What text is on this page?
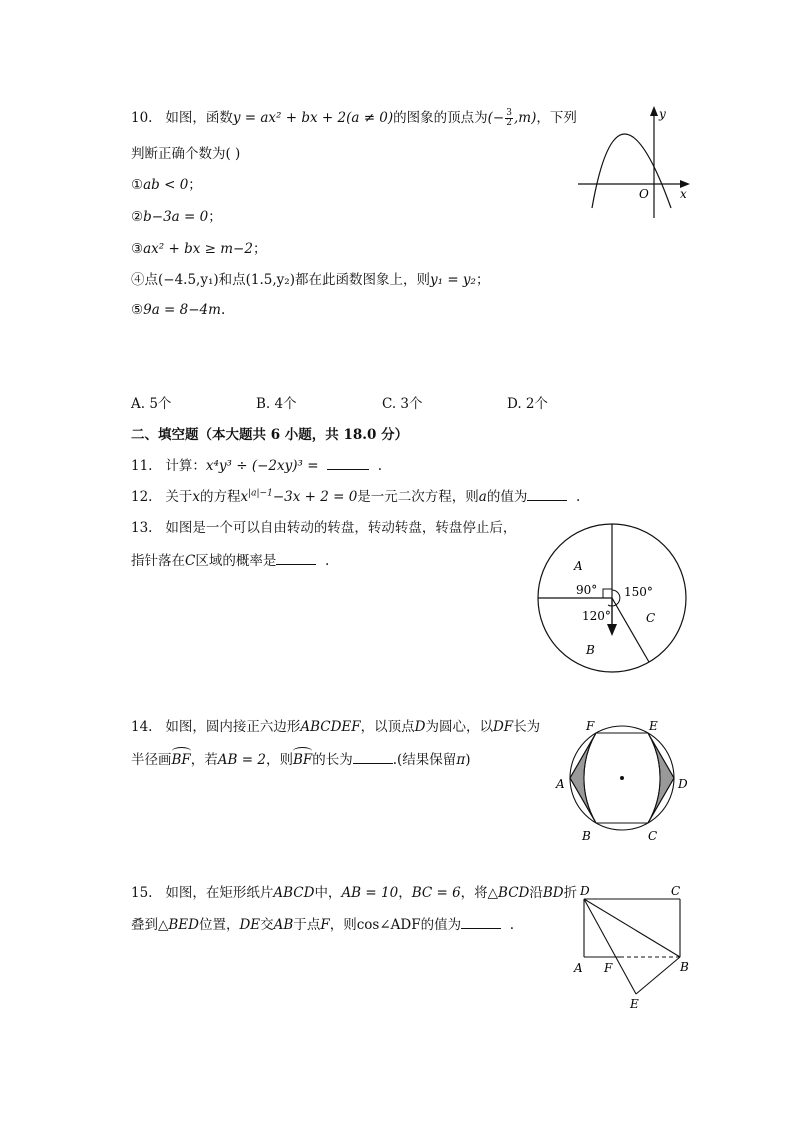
10. 如图，函数y = ax² + bx + 2(a ≠ 0)的图象的顶点为(− $\frac{3}{2} ,m$)，下列
判断正确个数为( )
①ab < 0；
②b−3a = 0；
③ax² + bx ≥ m−2；
④点(−4.5,y₁)和点(1.5,y₂)都在此函数图象上，则y₁ = y₂；
⑤9a = 8−4m.
y
x
O
A. 5个	B. 4个	C. 3个	D. 2个
二、填空题（本大题共 6 小题，共 18.0 分）
11. 计算：x⁴y³ ÷ (−2xy)³ =	.
12. 关于x的方程$x^{|a|-1}-3x + 2 = 0$是一元二次方程，则a的值为	.
13. 如图是一个可以自由转动的转盘，转动转盘，转盘停止后，
指针落在C区域的概率是	.	A
B
C
90° 150°
120°
14. 如图，圆内接正六边形ABCDEF，以顶点D为圆心，以DF长为
半径画BF，若AB = 2，则BF的长为	.(结果保留π)
F	E
A	D
B	C
15. 如图，在矩形纸片ABCD中，AB = 10，BC = 6，将△BCD沿BD折
叠到△BED位置，DE交AB于点F，则cos∠ADF的值为	.
D	C
A F	B
E
